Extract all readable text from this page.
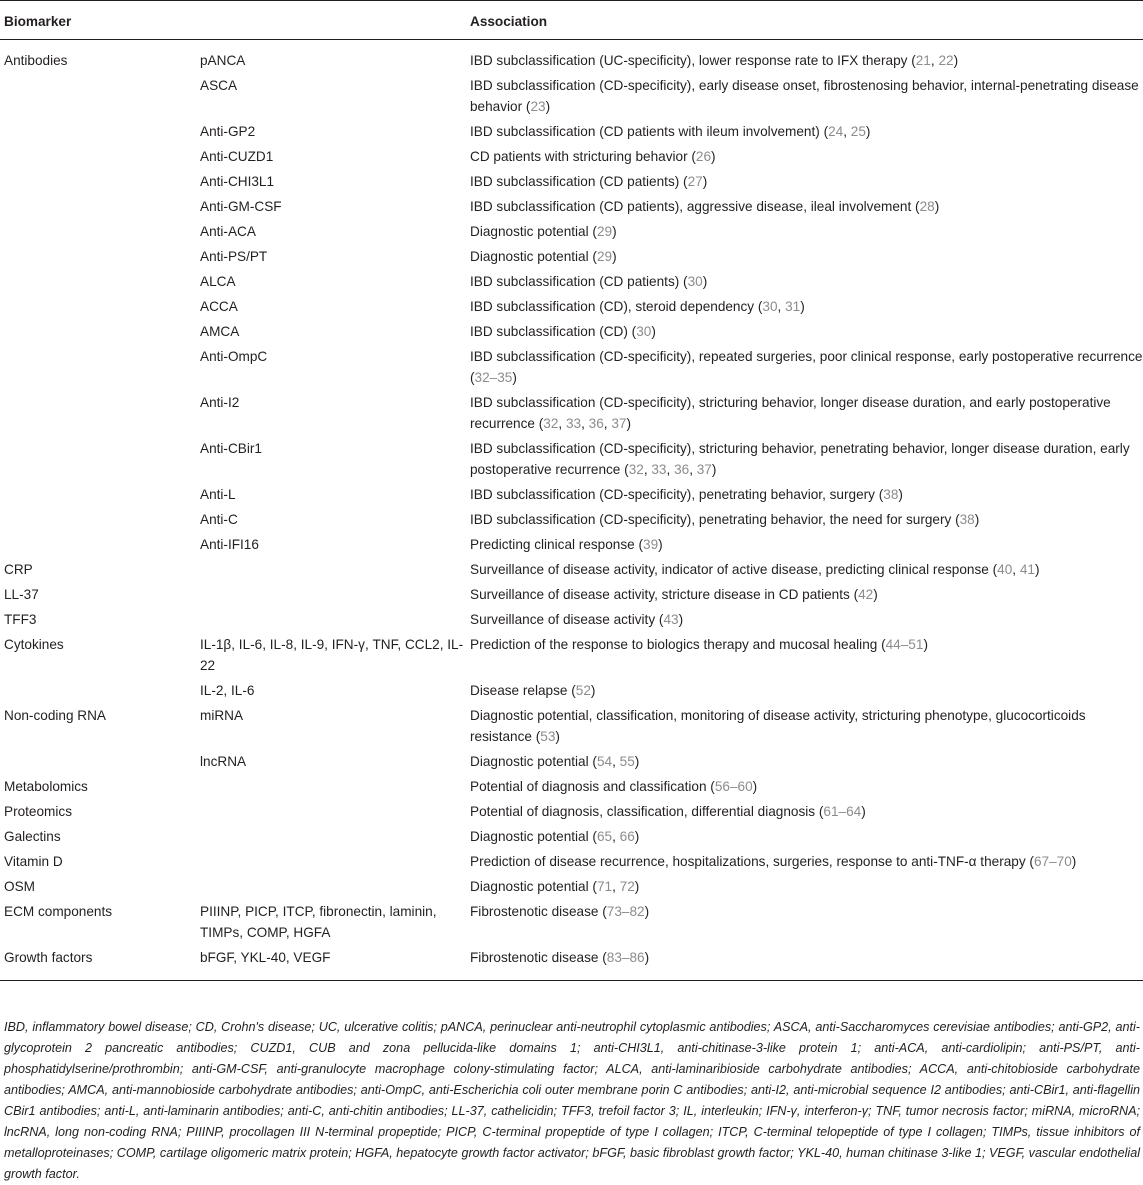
Biomarker		Association
Antibodies	pANCA	IBD subclassification (UC-specificity), lower response rate to IFX therapy (21, 22)
	ASCA	IBD subclassification (CD-specificity), early disease onset, fibrostenosing behavior, internal-penetrating disease behavior (23)
	Anti-GP2	IBD subclassification (CD patients with ileum involvement) (24, 25)
	Anti-CUZD1	CD patients with stricturing behavior (26)
	Anti-CHI3L1	IBD subclassification (CD patients) (27)
	Anti-GM-CSF	IBD subclassification (CD patients), aggressive disease, ileal involvement (28)
	Anti-ACA	Diagnostic potential (29)
	Anti-PS/PT	Diagnostic potential (29)
	ALCA	IBD subclassification (CD patients) (30)
	ACCA	IBD subclassification (CD), steroid dependency (30, 31)
	AMCA	IBD subclassification (CD) (30)
	Anti-OmpC	IBD subclassification (CD-specificity), repeated surgeries, poor clinical response, early postoperative recurrence (32–35)
	Anti-I2	IBD subclassification (CD-specificity), stricturing behavior, longer disease duration, and early postoperative recurrence (32, 33, 36, 37)
	Anti-CBir1	IBD subclassification (CD-specificity), stricturing behavior, penetrating behavior, longer disease duration, early postoperative recurrence (32, 33, 36, 37)
	Anti-L	IBD subclassification (CD-specificity), penetrating behavior, surgery (38)
	Anti-C	IBD subclassification (CD-specificity), penetrating behavior, the need for surgery (38)
	Anti-IFI16	Predicting clinical response (39)
CRP		Surveillance of disease activity, indicator of active disease, predicting clinical response (40, 41)
LL-37		Surveillance of disease activity, stricture disease in CD patients (42)
TFF3		Surveillance of disease activity (43)
Cytokines	IL-1β, IL-6, IL-8, IL-9, IFN-γ, TNF, CCL2, IL-22	Prediction of the response to biologics therapy and mucosal healing (44–51)
	IL-2, IL-6	Disease relapse (52)
Non-coding RNA	miRNA	Diagnostic potential, classification, monitoring of disease activity, stricturing phenotype, glucocorticoids resistance (53)
	lncRNA	Diagnostic potential (54, 55)
Metabolomics		Potential of diagnosis and classification (56–60)
Proteomics		Potential of diagnosis, classification, differential diagnosis (61–64)
Galectins		Diagnostic potential (65, 66)
Vitamin D		Prediction of disease recurrence, hospitalizations, surgeries, response to anti-TNF-α therapy (67–70)
OSM		Diagnostic potential (71, 72)
ECM components	PIIINP, PICP, ITCP, fibronectin, laminin, TIMPs, COMP, HGFA	Fibrostenotic disease (73–82)
Growth factors	bFGF, YKL-40, VEGF	Fibrostenotic disease (83–86)
IBD, inflammatory bowel disease; CD, Crohn's disease; UC, ulcerative colitis; pANCA, perinuclear anti-neutrophil cytoplasmic antibodies; ASCA, anti-Saccharomyces cerevisiae antibodies; anti-GP2, anti-glycoprotein 2 pancreatic antibodies; CUZD1, CUB and zona pellucida-like domains 1; anti-CHI3L1, anti-chitinase-3-like protein 1; anti-ACA, anti-cardiolipin; anti-PS/PT, anti-phosphatidylserine/prothrombin; anti-GM-CSF, anti-granulocyte macrophage colony-stimulating factor; ALCA, anti-laminaribioside carbohydrate antibodies; ACCA, anti-chitobioside carbohydrate antibodies; AMCA, anti-mannobioside carbohydrate antibodies; anti-OmpC, anti-Escherichia coli outer membrane porin C antibodies; anti-I2, anti-microbial sequence I2 antibodies; anti-CBir1, anti-flagellin CBir1 antibodies; anti-L, anti-laminarin antibodies; anti-C, anti-chitin antibodies; LL-37, cathelicidin; TFF3, trefoil factor 3; IL, interleukin; IFN-γ, interferon-γ; TNF, tumor necrosis factor; miRNA, microRNA; lncRNA, long non-coding RNA; PIIINP, procollagen III N-terminal propeptide; PICP, C-terminal propeptide of type I collagen; ITCP, C-terminal telopeptide of type I collagen; TIMPs, tissue inhibitors of metalloproteinases; COMP, cartilage oligomeric matrix protein; HGFA, hepatocyte growth factor activator; bFGF, basic fibroblast growth factor; YKL-40, human chitinase 3-like 1; VEGF, vascular endothelial growth factor.
